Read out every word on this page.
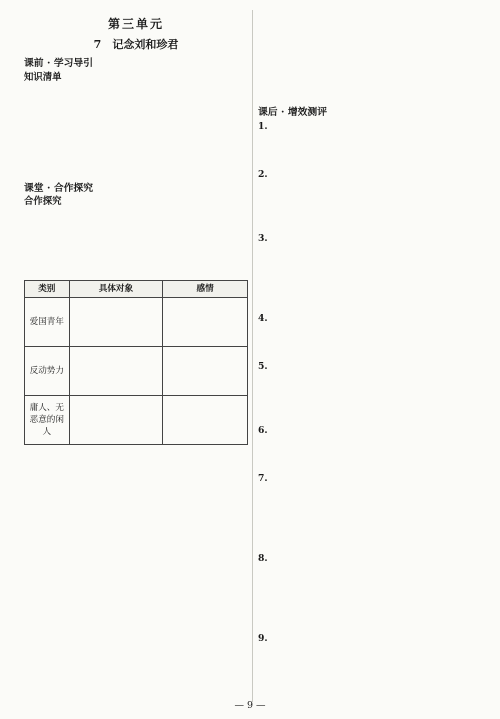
第三单元
7　记念刘和珍君
课前 · 学习导引
知识清单
课堂 · 合作探究
合作探究

类别	具体对象	感情
爱国青年	

反动势力	

庸人、无恶意的闲人	

课后 · 增效测评

1.

2.

3.

4.

5.

6.

7.

8.

9.

— 9 —
